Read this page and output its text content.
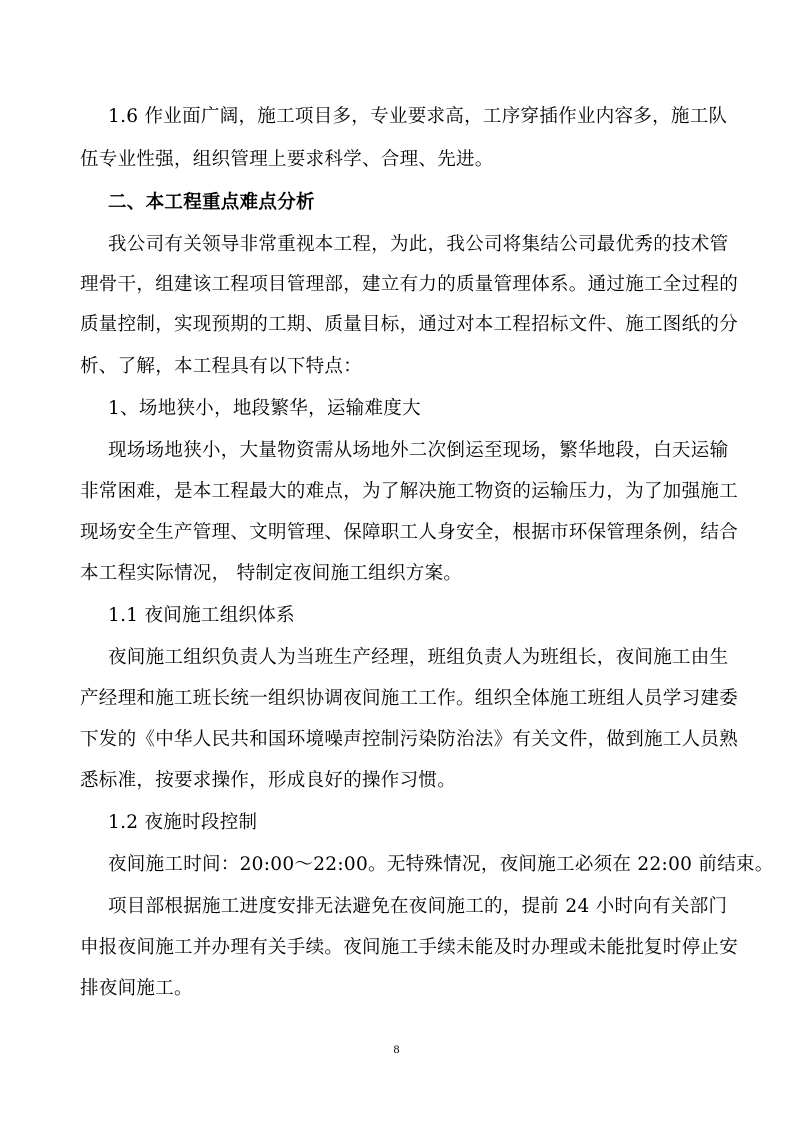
1.6 作业面广阔，施工项目多，专业要求高，工序穿插作业内容多，施工队
伍专业性强，组织管理上要求科学、合理、先进。
二、本工程重点难点分析
我公司有关领导非常重视本工程，为此，我公司将集结公司最优秀的技术管
理骨干，组建该工程项目管理部，建立有力的质量管理体系。通过施工全过程的
质量控制，实现预期的工期、质量目标，通过对本工程招标文件、施工图纸的分
析、了解，本工程具有以下特点：
1、场地狭小，地段繁华，运输难度大
现场场地狭小，大量物资需从场地外二次倒运至现场，繁华地段，白天运输
非常困难，是本工程最大的难点，为了解决施工物资的运输压力，为了加强施工
现场安全生产管理、文明管理、保障职工人身安全，根据市环保管理条例，结合
本工程实际情况， 特制定夜间施工组织方案。
1.1 夜间施工组织体系
夜间施工组织负责人为当班生产经理，班组负责人为班组长，夜间施工由生
产经理和施工班长统一组织协调夜间施工工作。组织全体施工班组人员学习建委
下发的《中华人民共和国环境噪声控制污染防治法》有关文件，做到施工人员熟
悉标准，按要求操作，形成良好的操作习惯。
1.2 夜施时段控制
夜间施工时间：20:00～22:00。无特殊情况，夜间施工必须在 22:00 前结束。
项目部根据施工进度安排无法避免在夜间施工的，提前 24 小时向有关部门
申报夜间施工并办理有关手续。夜间施工手续未能及时办理或未能批复时停止安
排夜间施工。
8
